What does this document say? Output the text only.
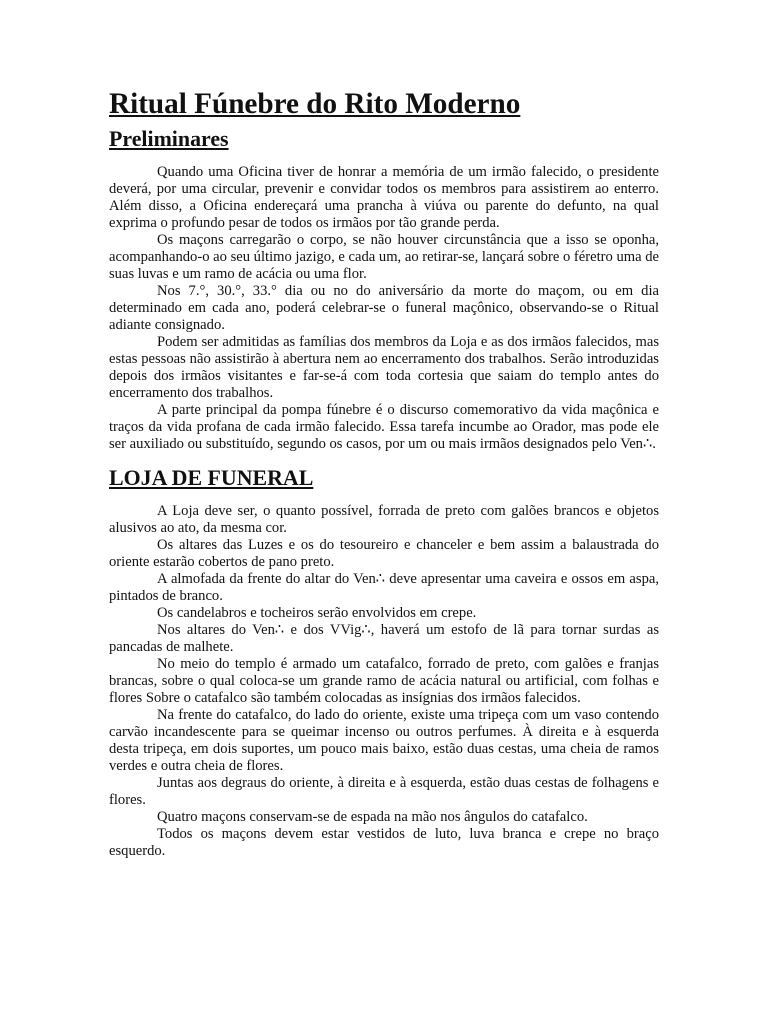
Ritual Fúnebre do Rito Moderno
Preliminares

Quando uma Oficina tiver de honrar a memória de um irmão falecido, o presidente deverá, por uma circular, prevenir e convidar todos os membros para assistirem ao enterro. Além disso, a Oficina endereçará uma prancha à viúva ou parente do defunto, na qual exprima o profundo pesar de todos os irmãos por tão grande perda.

Os maçons carregarão o corpo, se não houver circunstância que a isso se oponha, acompanhando-o ao seu último jazigo, e cada um, ao retirar-se, lançará sobre o féretro uma de suas luvas e um ramo de acácia ou uma flor.

Nos 7.°, 30.°, 33.° dia ou no do aniversário da morte do maçom, ou em dia determinado em cada ano, poderá celebrar-se o funeral maçônico, observando-se o Ritual adiante consignado.

Podem ser admitidas as famílias dos membros da Loja e as dos irmãos falecidos, mas estas pessoas não assistirão à abertura nem ao encerramento dos trabalhos. Serão introduzidas depois dos irmãos visitantes e far-se-á com toda cortesia que saiam do templo antes do encerramento dos trabalhos.

A parte principal da pompa fúnebre é o discurso comemorativo da vida maçônica e traços da vida profana de cada irmão falecido. Essa tarefa incumbe ao Orador, mas pode ele ser auxiliado ou substituído, segundo os casos, por um ou mais irmãos designados pelo Ven∴.

LOJA DE FUNERAL

A Loja deve ser, o quanto possível, forrada de preto com galões brancos e objetos alusivos ao ato, da mesma cor.

Os altares das Luzes e os do tesoureiro e chanceler e bem assim a balaustrada do oriente estarão cobertos de pano preto.

A almofada da frente do altar do Ven∴ deve apresentar uma caveira e ossos em aspa, pintados de branco.

Os candelabros e tocheiros serão envolvidos em crepe.

Nos altares do Ven∴ e dos VVig∴, haverá um estofo de lã para tornar surdas as pancadas de malhete.

No meio do templo é armado um catafalco, forrado de preto, com galões e franjas brancas, sobre o qual coloca-se um grande ramo de acácia natural ou artificial, com folhas e flores Sobre o catafalco são também colocadas as insígnias dos irmãos falecidos.

Na frente do catafalco, do lado do oriente, existe uma tripeça com um vaso contendo carvão incandescente para se queimar incenso ou outros perfumes. À direita e à esquerda desta tripeça, em dois suportes, um pouco mais baixo, estão duas cestas, uma cheia de ramos verdes e outra cheia de flores.

Juntas aos degraus do oriente, à direita e à esquerda, estão duas cestas de folhagens e flores.

Quatro maçons conservam-se de espada na mão nos ângulos do catafalco.

Todos os maçons devem estar vestidos de luto, luva branca e crepe no braço esquerdo.
